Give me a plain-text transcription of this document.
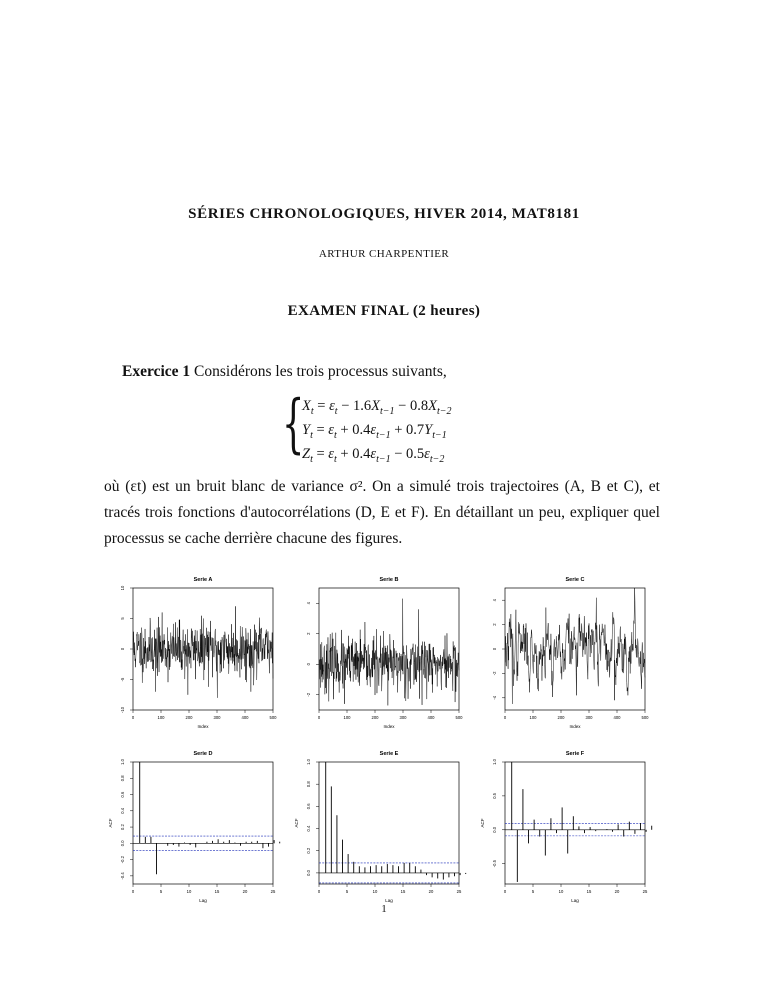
SÉRIES CHRONOLOGIQUES, HIVER 2014, MAT8181
ARTHUR CHARPENTIER
EXAMEN FINAL (2 heures)
Exercice 1 Considérons les trois processus suivants,
{
$X_t = \varepsilon_t - 1.6X_{t-1} - 0.8X_{t-2}$
$Y_t = \varepsilon_t + 0.4\varepsilon_{t-1} + 0.7Y_{t-1}$
$Z_t = \varepsilon_t + 0.4\varepsilon_{t-1} - 0.5\varepsilon_{t-2}$

où (εt) est un bruit blanc de variance σ². On a simulé trois trajectoires (A, B et C), et

tracés trois fonctions d'autocorrélations (D, E et F). En détaillant un peu, expliquer quel

processus se cache derrière chacune des figures.

Serie A
0	100	200	300	400	500
-10
-5
0
5
10
Index
Serie B
0	100	200	300	400	500
-2
0
2
4
Index
Serie C
0	100	200	300	400	500
-4
-2
0
2
4
Index
Serie D
0	5	10	15	20	25
-0.4
-0.2
0.0
0.2
0.4
0.6
0.8
1.0
Lag
ACF
Serie E
0	5	10	15	20	25
0.0
0.2
0.4
0.6
0.8
1.0
Lag
ACF
Serie F
0	5	10	15	20	25
-0.5
0.0
0.5
1.0
Lag
ACF
1
